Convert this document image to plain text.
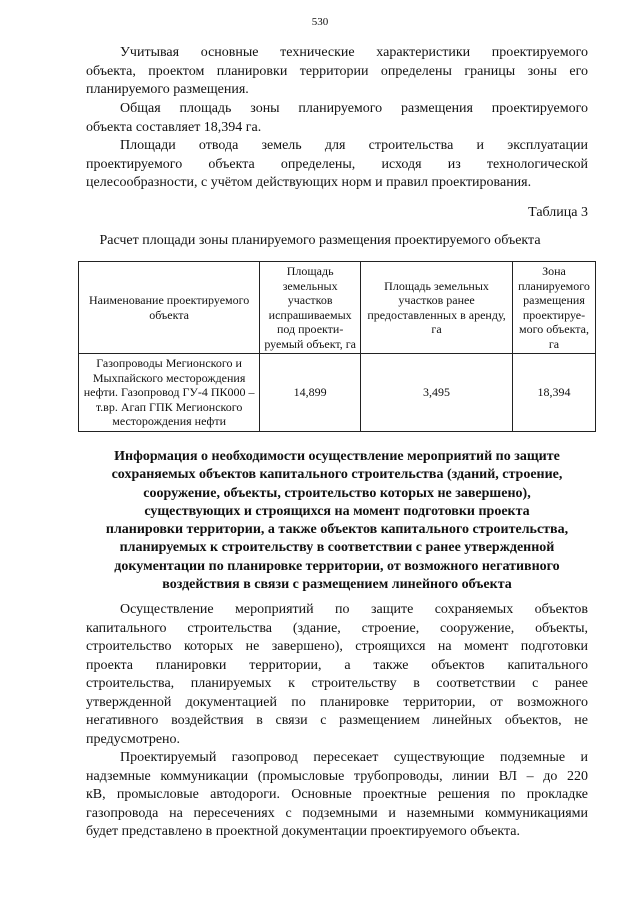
530
Учитывая основные технические характеристики проектируемого
объекта, проектом планировки территории определены границы зоны его
планируемого размещения.
Общая площадь зоны планируемого размещения проектируемого
объекта составляет 18,394 га.
Площади отвода земель для строительства и эксплуатации
проектируемого объекта определены, исходя из технологической
целесообразности, с учётом действующих норм и правил проектирования.
Таблица 3
Расчет площади зоны планируемого размещения проектируемого объекта
Наименование проектируемого объекта	Площадь земельных участков испрашиваемых под проекти-руемый объект, га	Площадь земельных участков ранее предоставленных в аренду, га	Зона планируемого размещения проектируе-мого объекта, га
Газопроводы Мегионского и Мыхпайского месторождения нефти. Газопровод ГУ-4 ПК000 – т.вр. Агап ГПК Мегионского месторождения нефти	14,899	3,495	18,394
Информация о необходимости осуществление мероприятий по защите
сохраняемых объектов капитального строительства (зданий, строение,
сооружение, объекты, строительство которых не завершено),
существующих и строящихся на момент подготовки проекта
планировки территории, а также объектов капитального строительства,
планируемых к строительству в соответствии с ранее утвержденной
документации по планировке территории, от возможного негативного
воздействия в связи с размещением линейного объекта
Осуществление мероприятий по защите сохраняемых объектов
капитального строительства (здание, строение, сооружение, объекты,
строительство которых не завершено), строящихся на момент подготовки
проекта планировки территории, а также объектов капитального
строительства, планируемых к строительству в соответствии с ранее
утвержденной документацией по планировке территории, от возможного
негативного воздействия в связи с размещением линейных объектов, не
предусмотрено.
Проектируемый газопровод пересекает существующие подземные и
надземные коммуникации (промысловые трубопроводы, линии ВЛ – до 220
кВ, промысловые автодороги. Основные проектные решения по прокладке
газопровода на пересечениях с подземными и наземными коммуникациями
будет представлено в проектной документации проектируемого объекта.
